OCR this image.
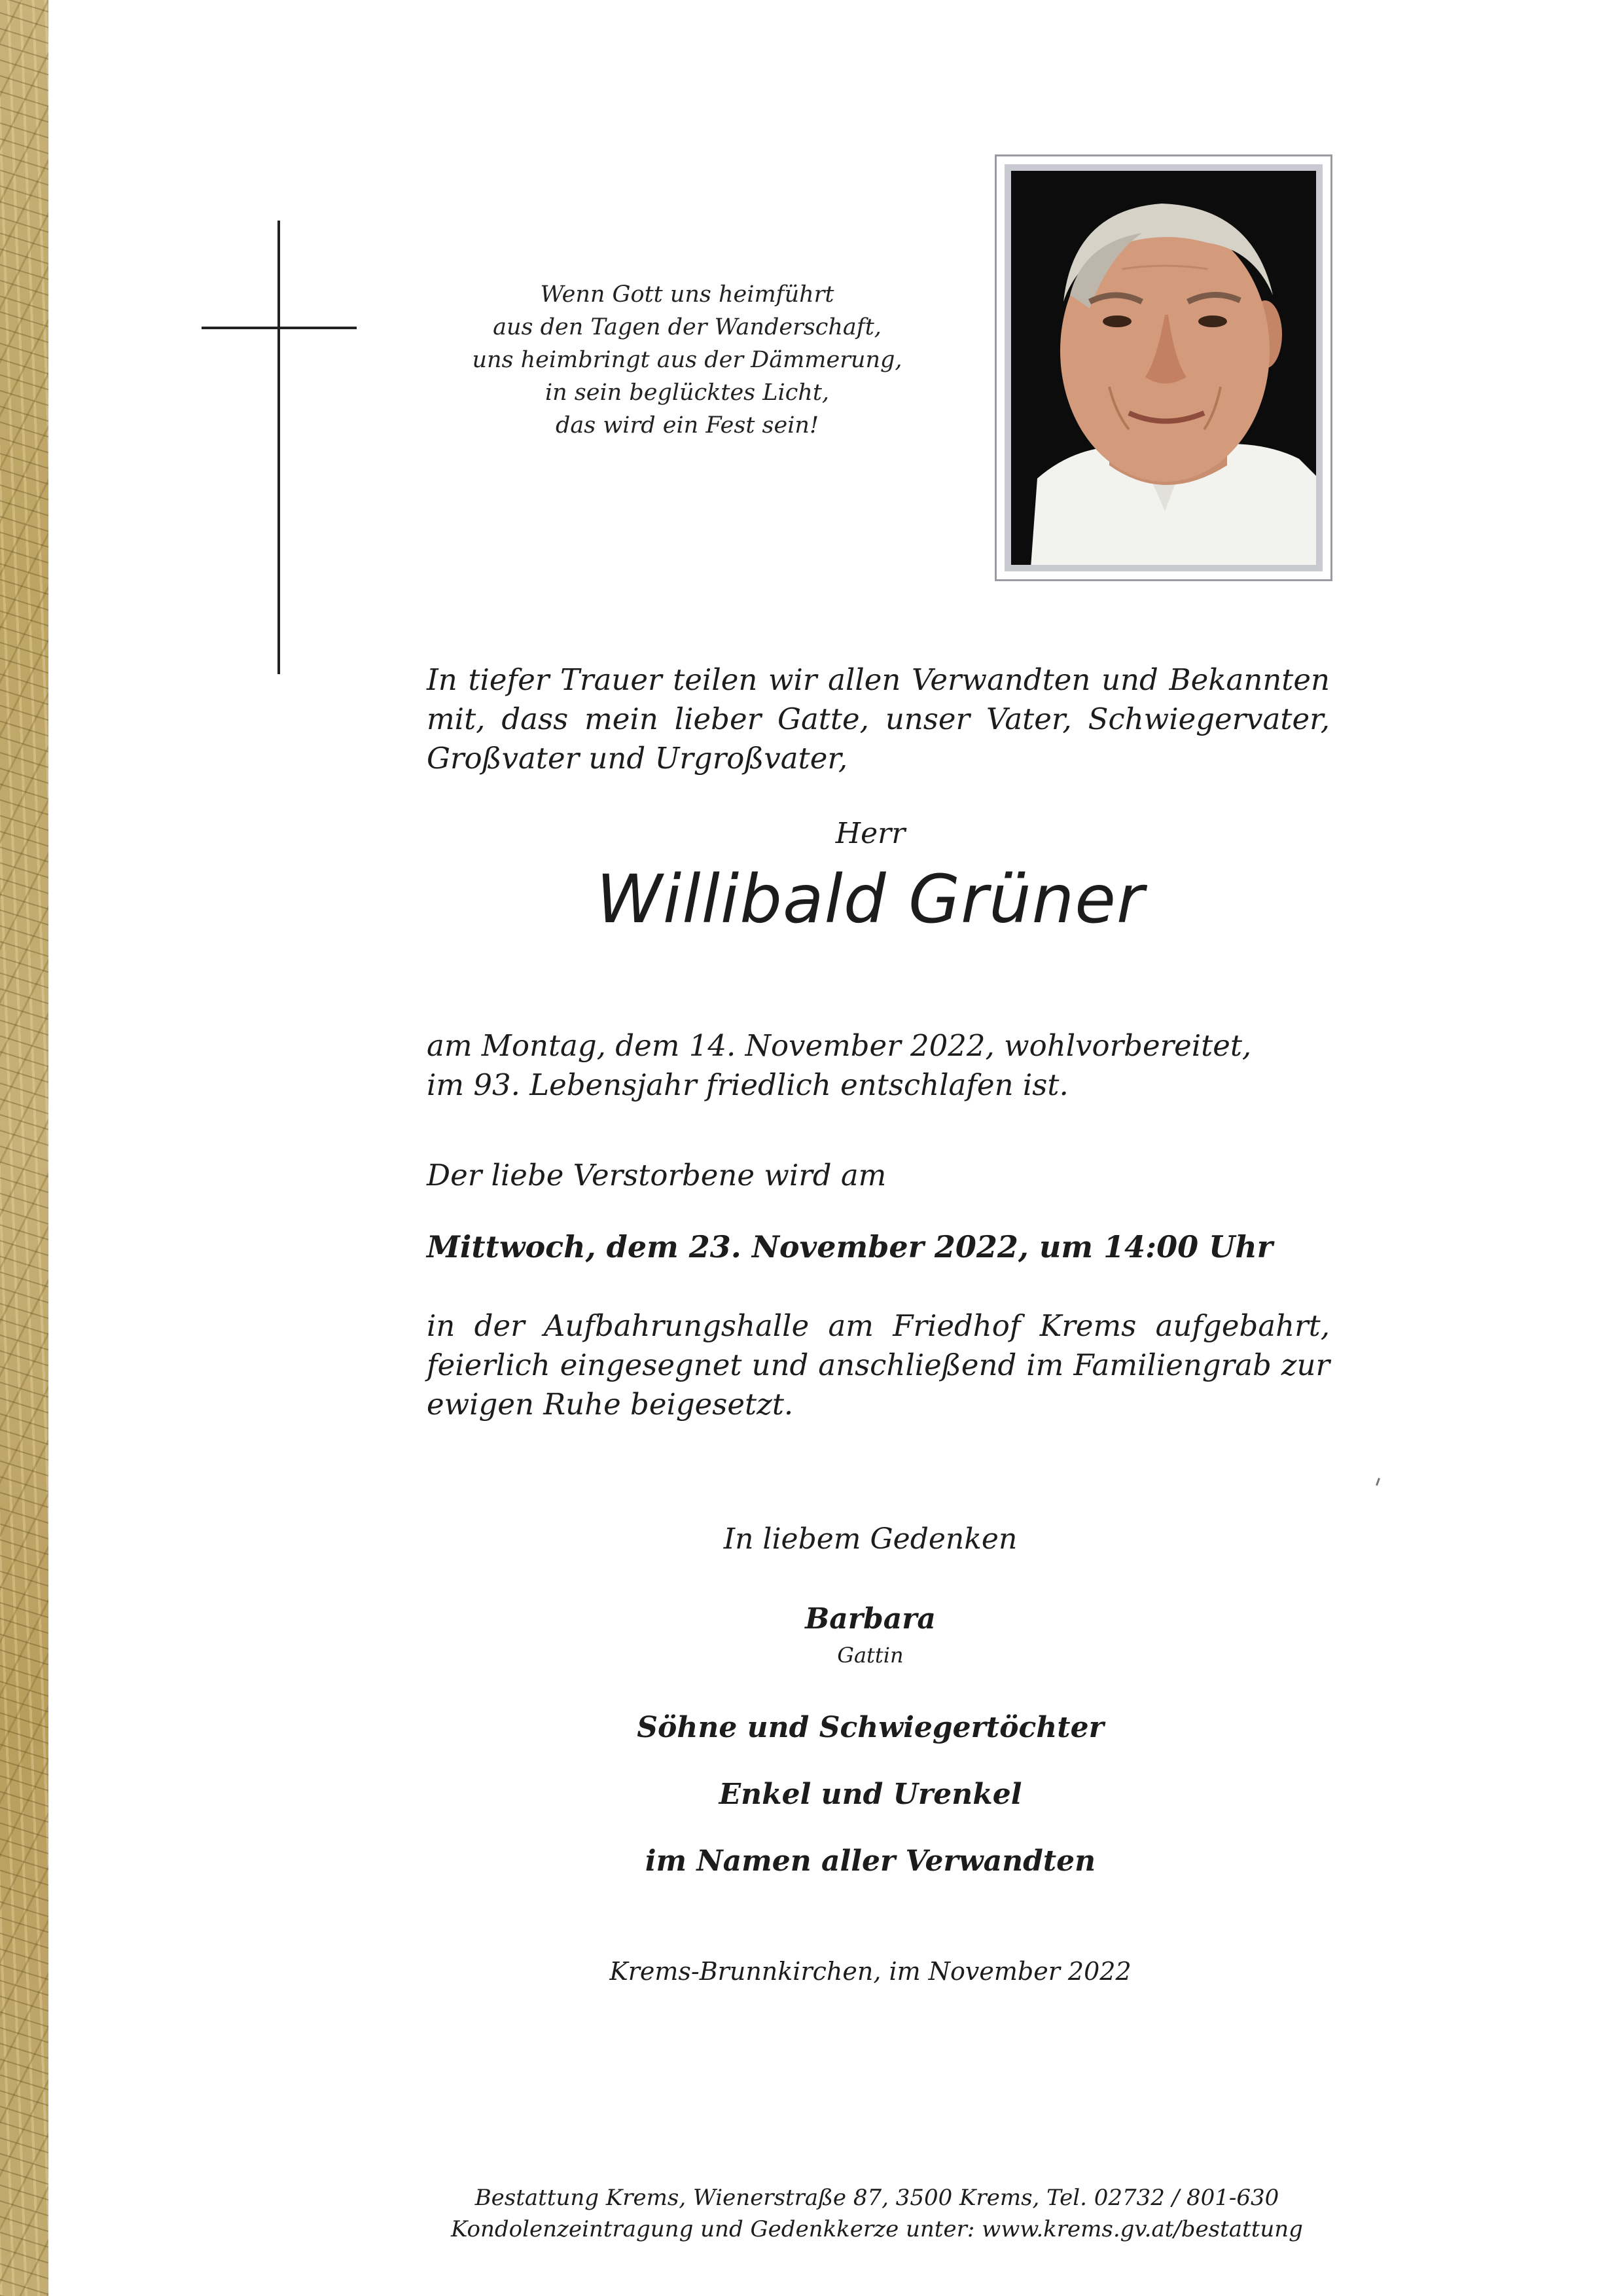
Wenn Gott uns heimführt
aus den Tagen der Wanderschaft,
uns heimbringt aus der Dämmerung,
in sein beglücktes Licht,
das wird ein Fest sein!
In tiefer Trauer teilen wir allen Verwandten und Bekannten mit, dass mein lieber Gatte, unser Vater, Schwiegervater, Großvater und Urgroßvater,
Herr
Willibald Grüner
am Montag, dem 14. November 2022, wohlvorbereitet,
im 93. Lebensjahr friedlich entschlafen ist.
Der liebe Verstorbene wird am
Mittwoch, dem 23. November 2022, um 14:00 Uhr
in der Aufbahrungshalle am Friedhof Krems aufgebahrt, feierlich eingesegnet und anschließend im Familiengrab zur ewigen Ruhe beigesetzt.
In liebem Gedenken
Barbara
Gattin
Söhne und Schwiegertöchter
Enkel und Urenkel
im Namen aller Verwandten
Krems-Brunnkirchen, im November 2022
Bestattung Krems, Wienerstraße 87, 3500 Krems, Tel. 02732 / 801-630
Kondolenzeintragung und Gedenkkerze unter: www.krems.gv.at/bestattung
